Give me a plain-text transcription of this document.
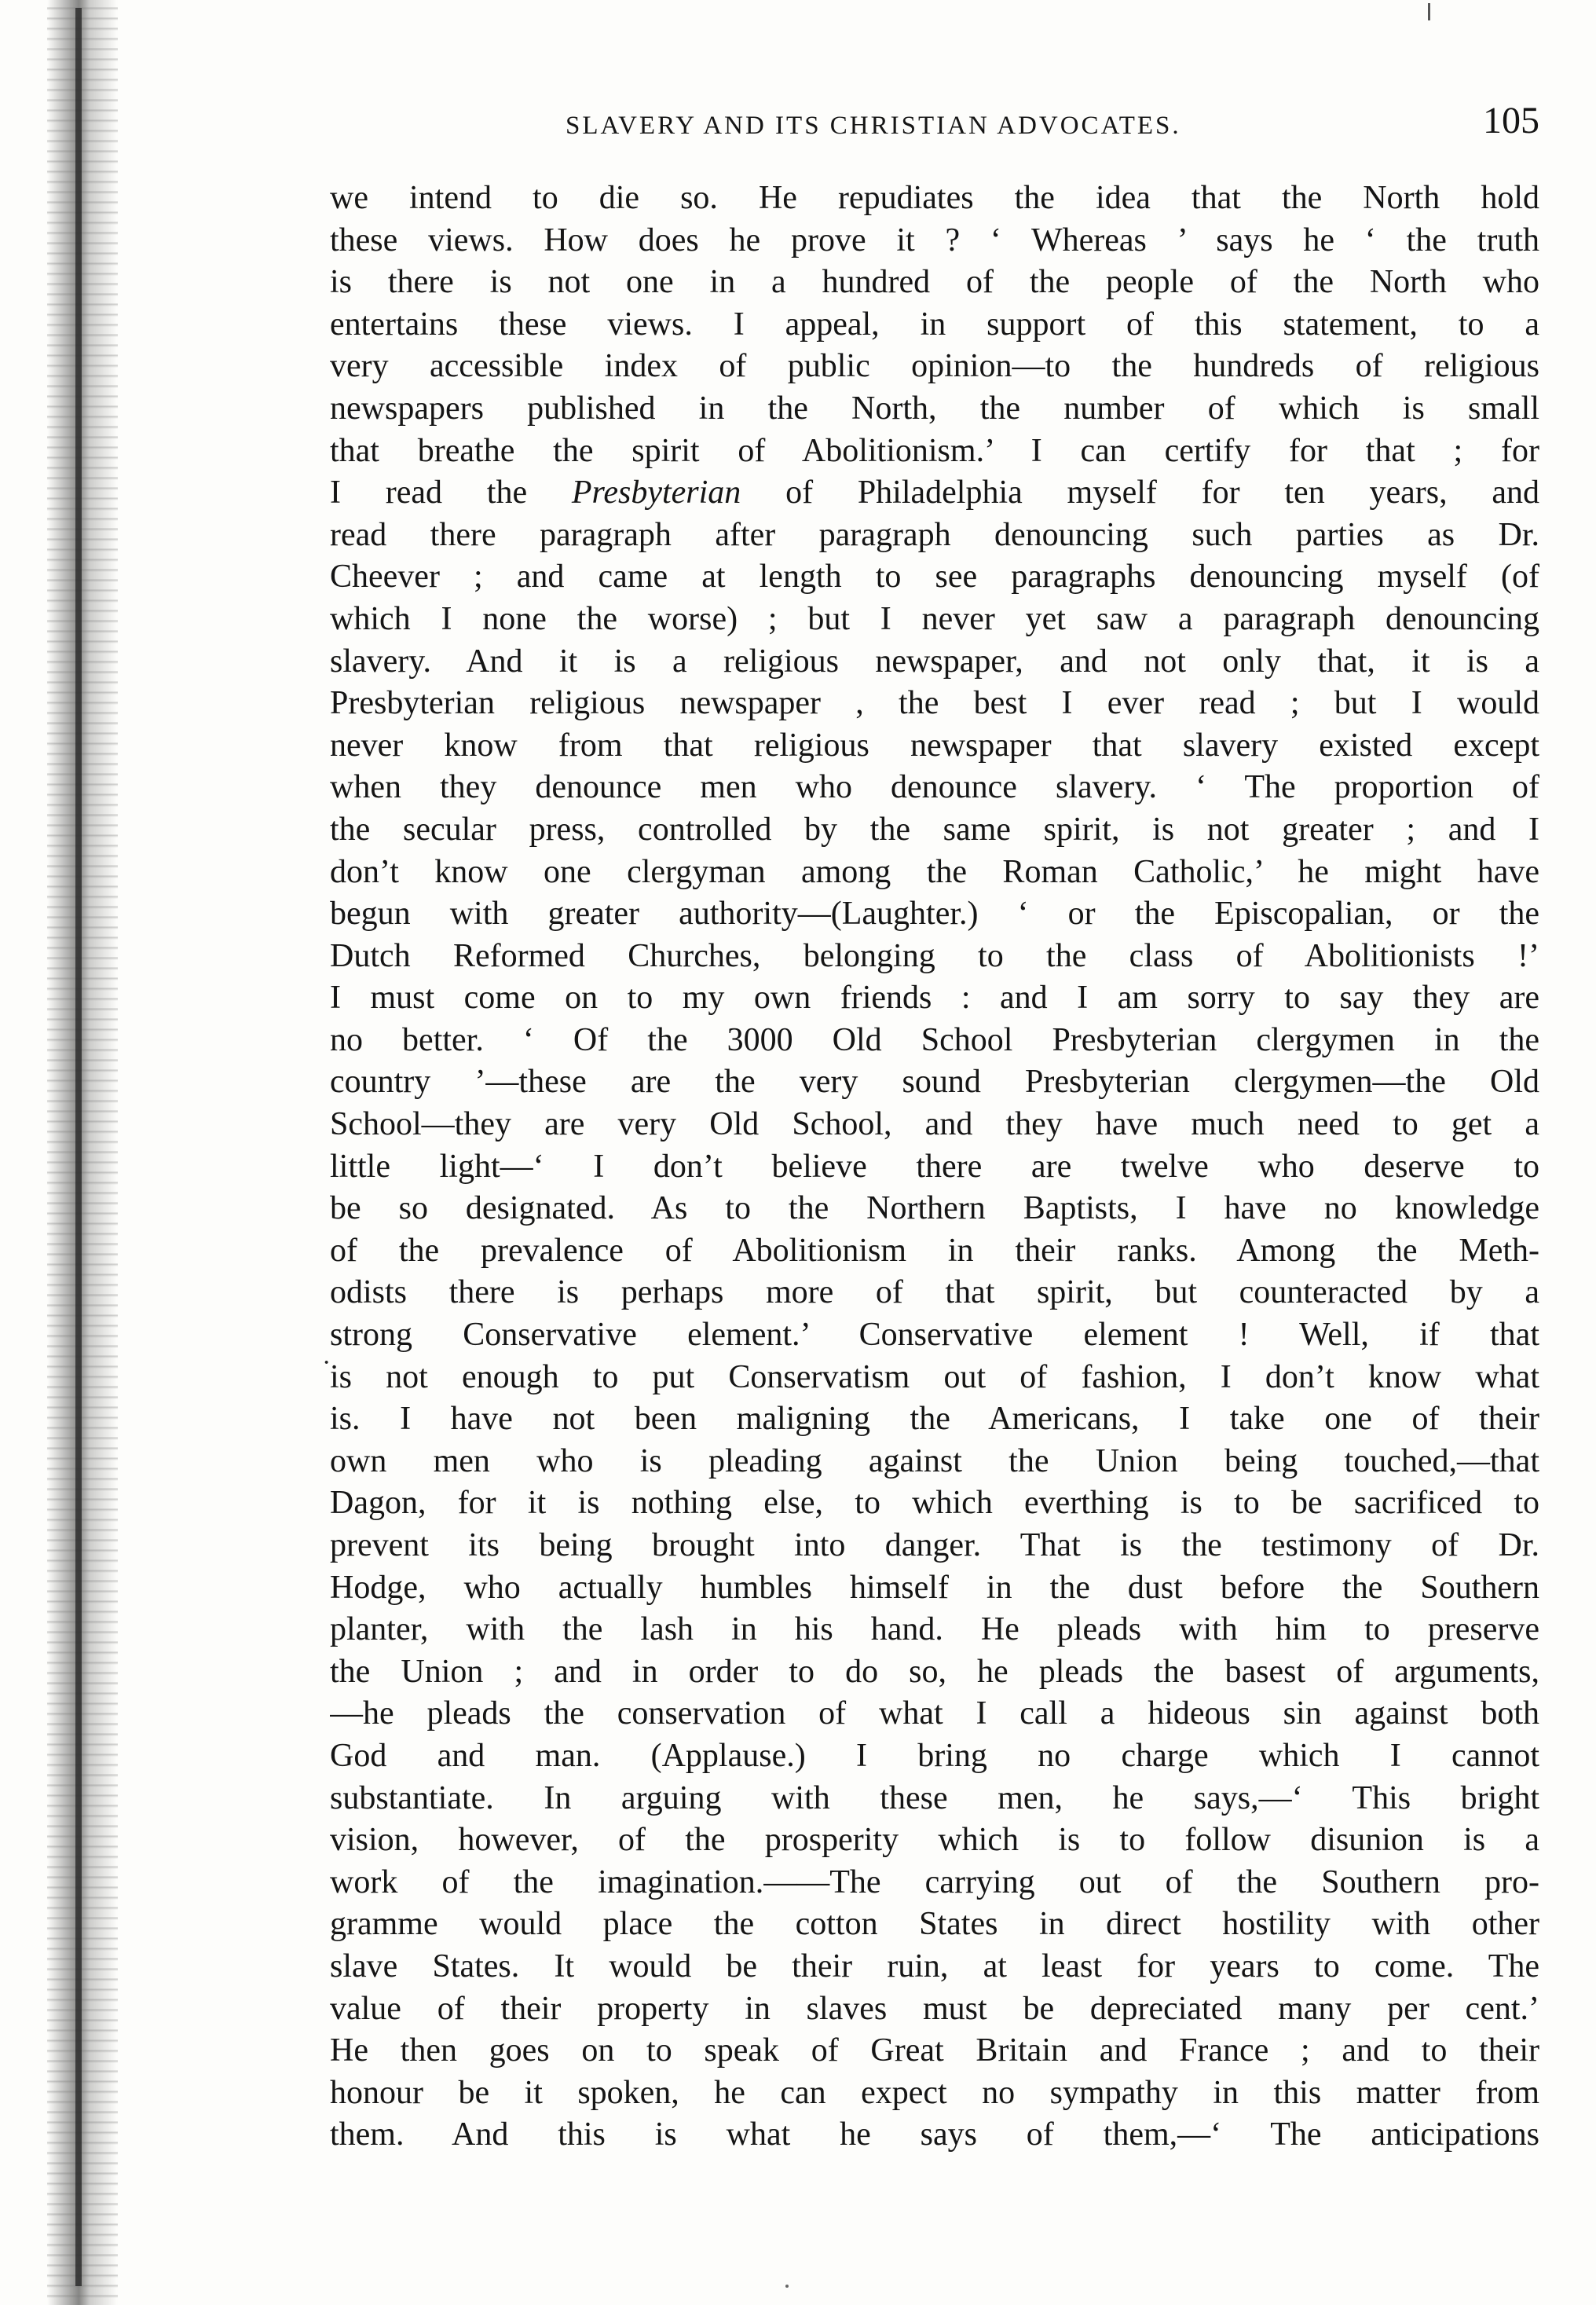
SLAVERY AND ITS CHRISTIAN ADVOCATES.	105
we intend to die so. He repudiates the idea that the North hold
these views. How does he prove it ? ‘ Whereas ’ says he ‘ the truth
is there is not one in a hundred of the people of the North who
entertains these views. I appeal, in support of this statement, to a
very accessible index of public opinion—to the hundreds of religious
newspapers published in the North, the number of which is small
that breathe the spirit of Abolitionism.’ I can certify for that ; for
I read the Presbyterian of Philadelphia myself for ten years, and
read there paragraph after paragraph denouncing such parties as Dr.
Cheever ; and came at length to see paragraphs denouncing myself (of
which I none the worse) ; but I never yet saw a paragraph denouncing
slavery. And it is a religious newspaper, and not only that, it is a
Presbyterian religious newspaper , the best I ever read ; but I would
never know from that religious newspaper that slavery existed except
when they denounce men who denounce slavery. ‘ The proportion of
the secular press, controlled by the same spirit, is not greater ; and I
don’t know one clergyman among the Roman Catholic,’ he might have
begun with greater authority—(Laughter.) ‘ or the Episcopalian, or the
Dutch Reformed Churches, belonging to the class of Abolitionists !’
I must come on to my own friends : and I am sorry to say they are
no better. ‘ Of the 3000 Old School Presbyterian clergymen in the
country ’—these are the very sound Presbyterian clergymen—the Old
School—they are very Old School, and they have much need to get a
little light—‘ I don’t believe there are twelve who deserve to
be so designated. As to the Northern Baptists, I have no knowledge
of the prevalence of Abolitionism in their ranks. Among the Meth-
odists there is perhaps more of that spirit, but counteracted by a
strong Conservative element.’ Conservative element ! Well, if that
is not enough to put Conservatism out of fashion, I don’t know what
is. I have not been maligning the Americans, I take one of their
own men who is pleading against the Union being touched,—that
Dagon, for it is nothing else, to which everthing is to be sacrificed to
prevent its being brought into danger. That is the testimony of Dr.
Hodge, who actually humbles himself in the dust before the Southern
planter, with the lash in his hand. He pleads with him to preserve
the Union ; and in order to do so, he pleads the basest of arguments,
—he pleads the conservation of what I call a hideous sin against both
God and man. (Applause.) I bring no charge which I cannot
substantiate. In arguing with these men, he says,—‘ This bright
vision, however, of the prosperity which is to follow disunion is a
work of the imagination.——The carrying out of the Southern pro-
gramme would place the cotton States in direct hostility with other
slave States. It would be their ruin, at least for years to come. The
value of their property in slaves must be depreciated many per cent.’
He then goes on to speak of Great Britain and France ; and to their
honour be it spoken, he can expect no sympathy in this matter from
them. And this is what he says of them,—‘ The anticipations
·
